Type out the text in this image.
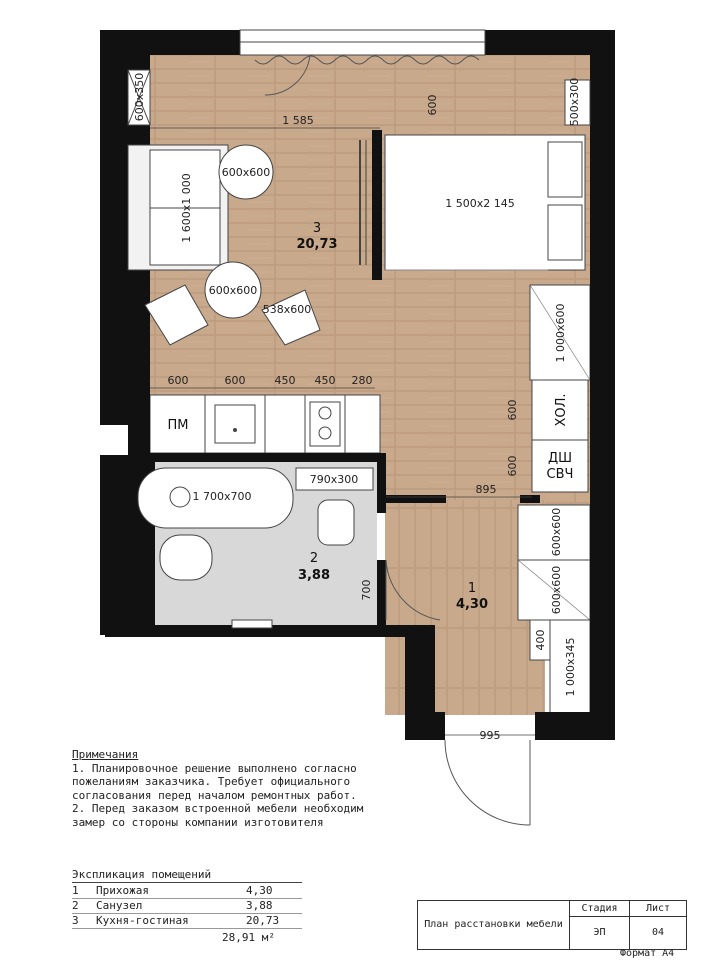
3
20,73
2
3,88
1
4,30
600
1 585
600x350	500x300
1 600x1 000
600x600
1 500x2 145
600x600
538x600
600	600	450 450 280
1 000x600
600
600
895
1 700x700
790x300
700
600x600
600x600
400 1 000x345
995
ПМ	ХОЛ.
ДШ
СВЧ
Примечания
1. Планировочное решение выполнено согласно
пожеланиям заказчика. Требует официального
согласования перед началом ремонтных работ.
2. Перед заказом встроенной мебели необходим
замер со стороны компании изготовителя
Экспликация помещений
1	Прихожая	4,30
2	Санузел	3,88
3	Кухня-гостиная	20,73
28,91 м²
План расстановки мебели
Стадия	Лист
ЭП	04
Формат А4
